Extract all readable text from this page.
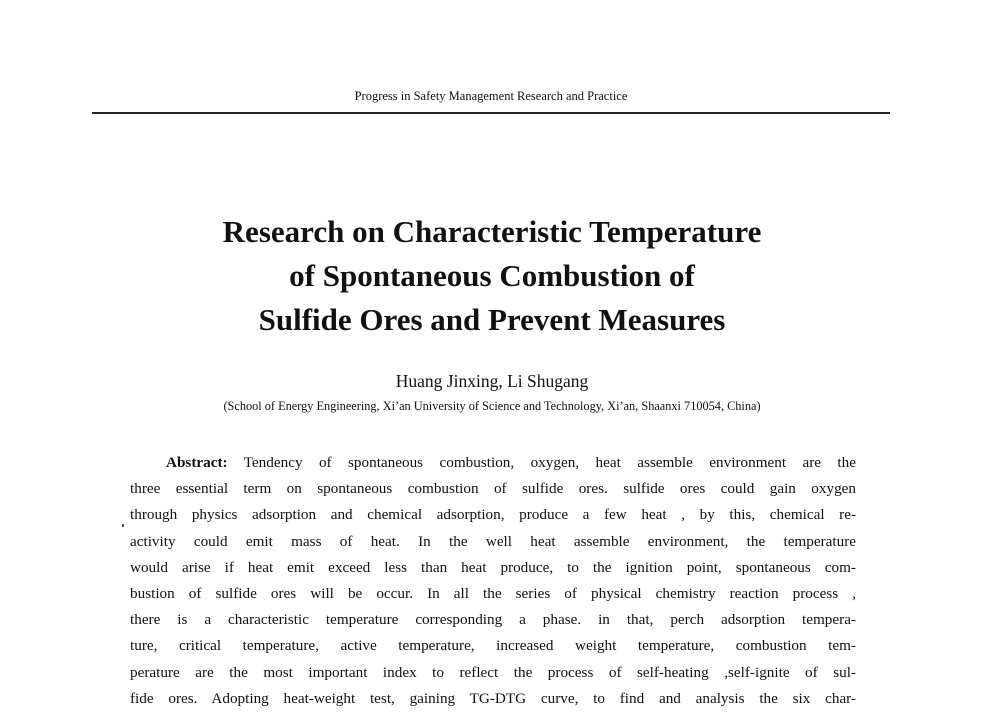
Progress in Safety Management Research and Practice
Research on Characteristic Temperature
of Spontaneous Combustion of
Sulfide Ores and Prevent Measures
Huang Jinxing, Li Shugang
(School of Energy Engineering, Xi’an University of Science and Technology, Xi’an, Shaanxi 710054, China)
Abstract: Tendency of spontaneous combustion, oxygen, heat assemble environment are the
three essential term on spontaneous combustion of sulfide ores. sulfide ores could gain oxygen
through physics adsorption and chemical adsorption, produce a few heat , by this, chemical re-
activity could emit mass of heat. In the well heat assemble environment, the temperature
would arise if heat emit exceed less than heat produce, to the ignition point, spontaneous com-
bustion of sulfide ores will be occur. In all the series of physical chemistry reaction process ,
there is a characteristic temperature corresponding a phase. in that, perch adsorption tempera-
ture, critical temperature, active temperature, increased weight temperature, combustion tem-
perature are the most important index to reflect the process of self-heating ,self-ignite of sul-
fide ores. Adopting heat-weight test, gaining TG-DTG curve, to find and analysis the six char-
